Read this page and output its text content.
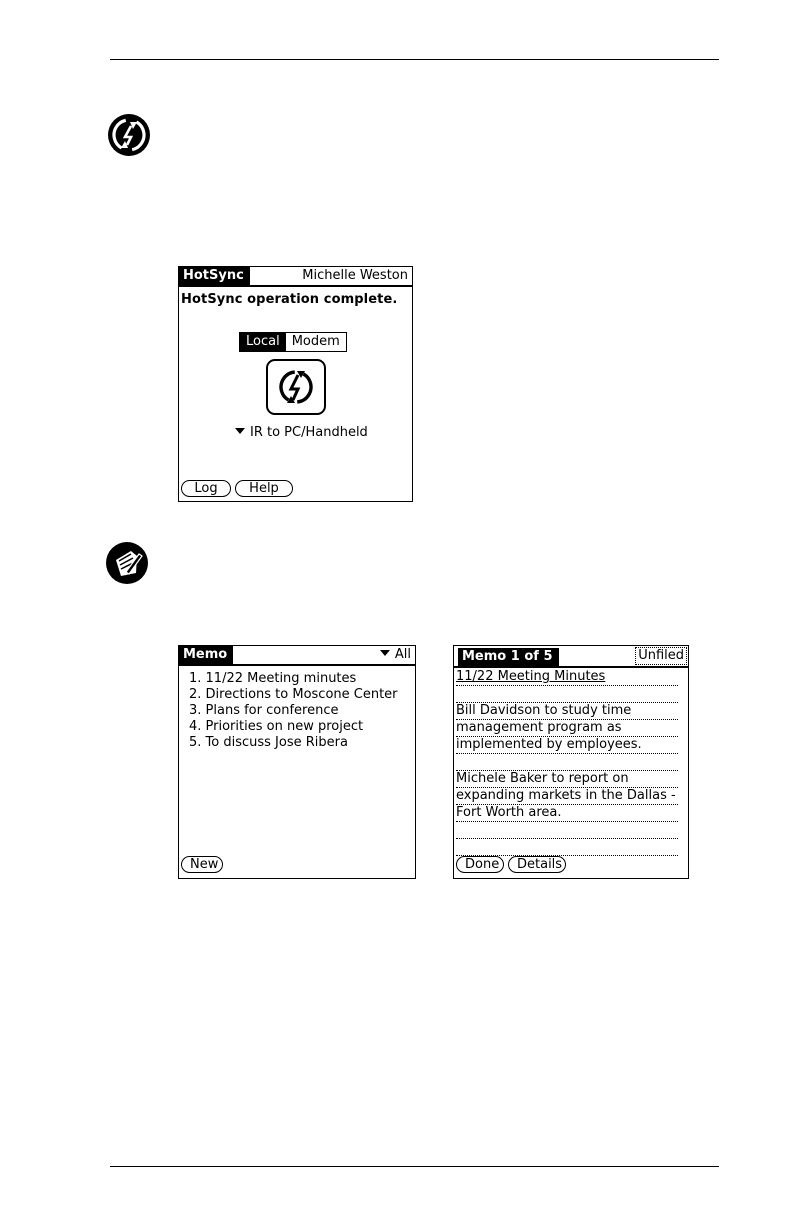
HotSync	Michelle Weston
HotSync operation complete.
Local Modem
IR to PC/Handheld
Log	Help
Memo	All
1. 11/22 Meeting minutes
2. Directions to Moscone Center
3. Plans for conference
4. Priorities on new project
5. To discuss Jose Ribera
New
Memo 1 of 5	Unfiled
11/22 Meeting Minutes
Bill Davidson to study time
management program as
implemented by employees.
Michele Baker to report on
expanding markets in the Dallas -
Fort Worth area.
Done	Details
